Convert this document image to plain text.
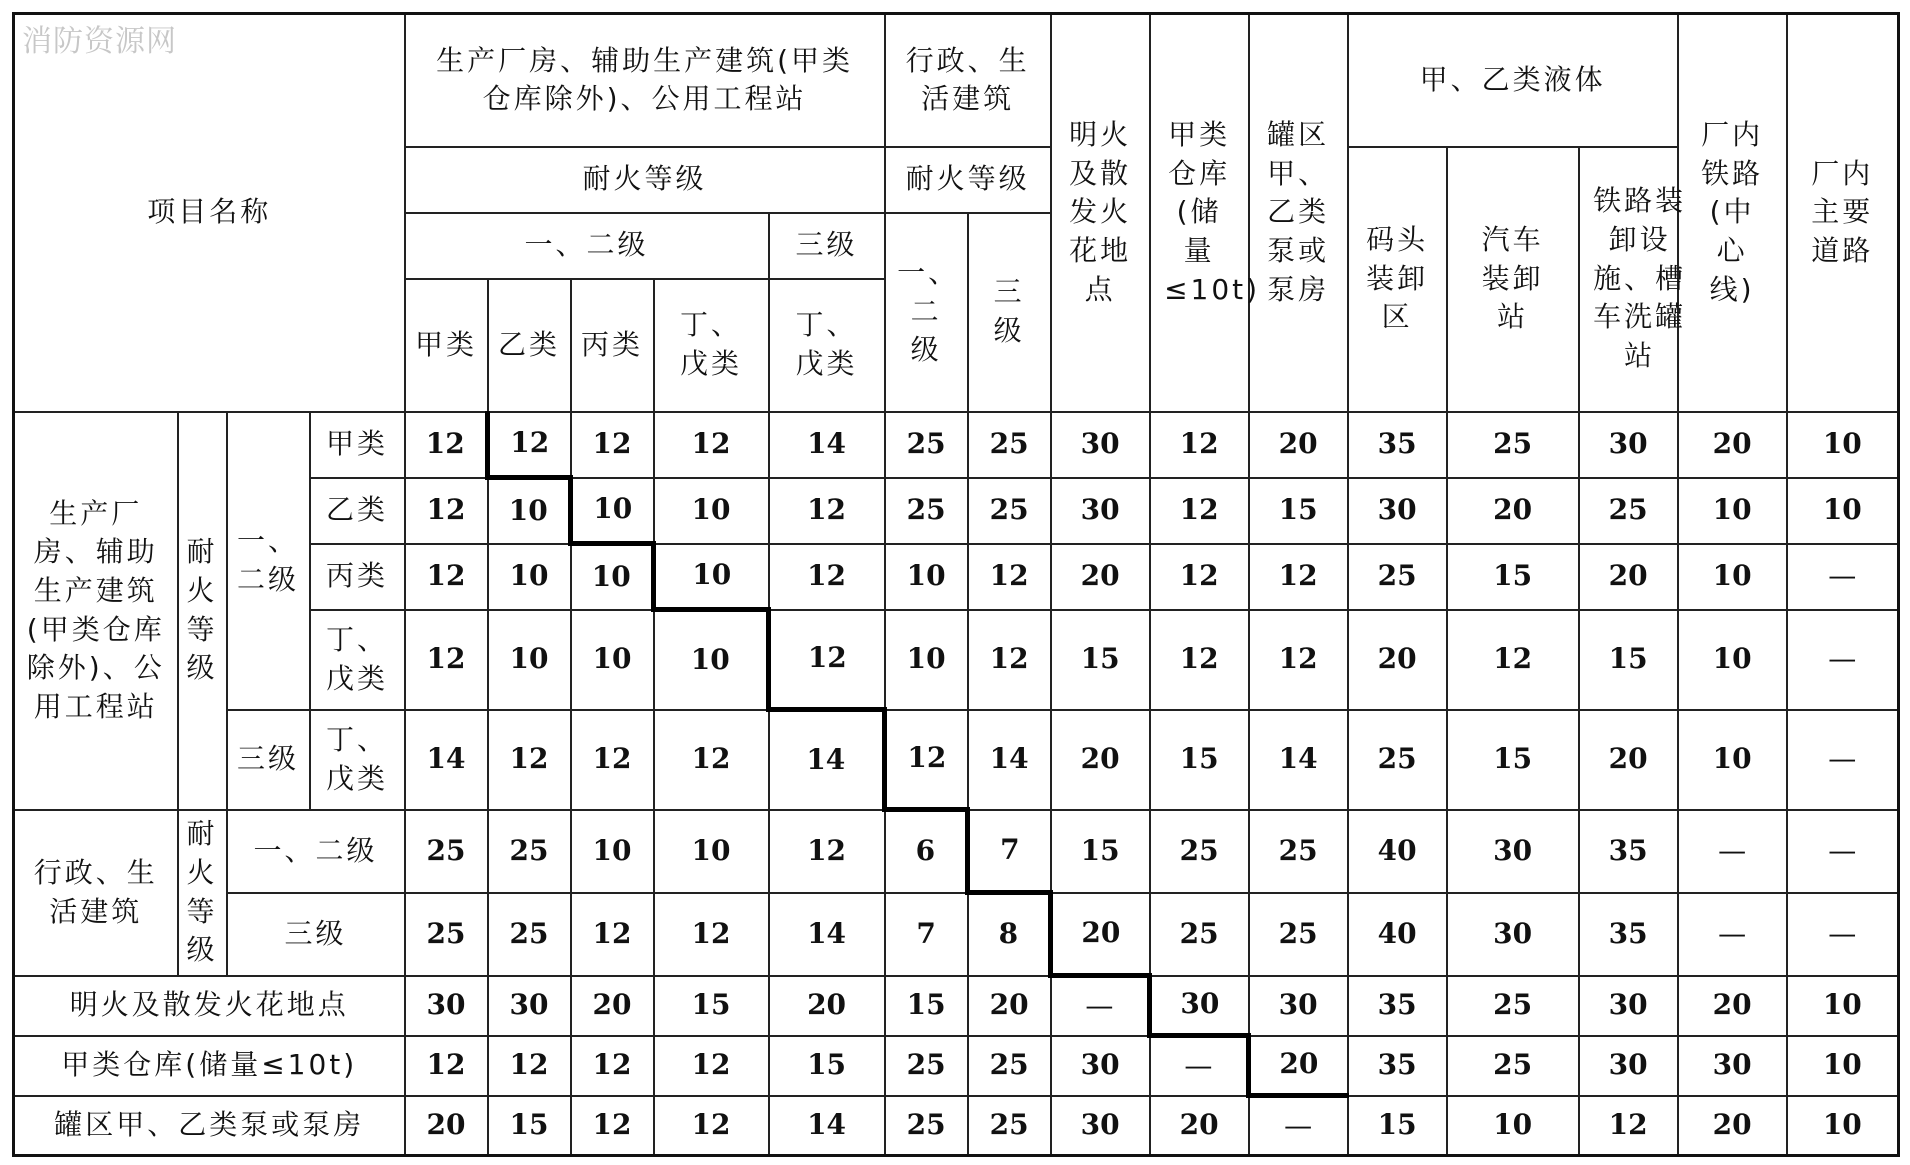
消防资源网
项目名称				生产厂房、辅助生产建筑(甲类仓库除外)、公用工程站					行政、生活建筑		明火及散发火花地点	甲类仓库(储量≤10t)	罐区甲、乙类泵或泵房	甲、乙类液体			厂内铁路(中心线)	厂内主要道路
				耐火等级					耐火等级					码头装卸区	汽车装卸站	铁路装卸设施、槽车洗罐站		
				一、二级				三级	一、二级	三级								
				甲类	乙类	丙类	丁、戊类	丁、戊类										
生产厂房、辅助生产建筑(甲类仓库除外)、公用工程站	耐火等级	一、二级	甲类	12	12	12	12	14	25	25	30	12	20	35	25	30	20	10
			乙类	12	10	10	10	12	25	25	30	12	15	30	20	25	10	10
			丙类	12	10	10	10	12	10	12	20	12	12	25	15	20	10	—
			丁、戊类	12	10	10	10	12	10	12	15	12	12	20	12	15	10	—
		三级	丁、戊类	14	12	12	12	14	12	14	20	15	14	25	15	20	10	—
行政、生活建筑	耐火等级	一、二级		25	25	10	10	12	6	7	15	25	25	40	30	35	—	—
		三级		25	25	12	12	14	7	8	20	25	25	40	30	35	—	—
明火及散发火花地点				30	30	20	15	20	15	20	—	30	30	35	25	30	20	10
甲类仓库(储量≤10t)				12	12	12	12	15	25	25	30	—	20	35	25	30	30	10
罐区甲、乙类泵或泵房				20	15	12	12	14	25	25	30	20	—	15	10	12	20	10
